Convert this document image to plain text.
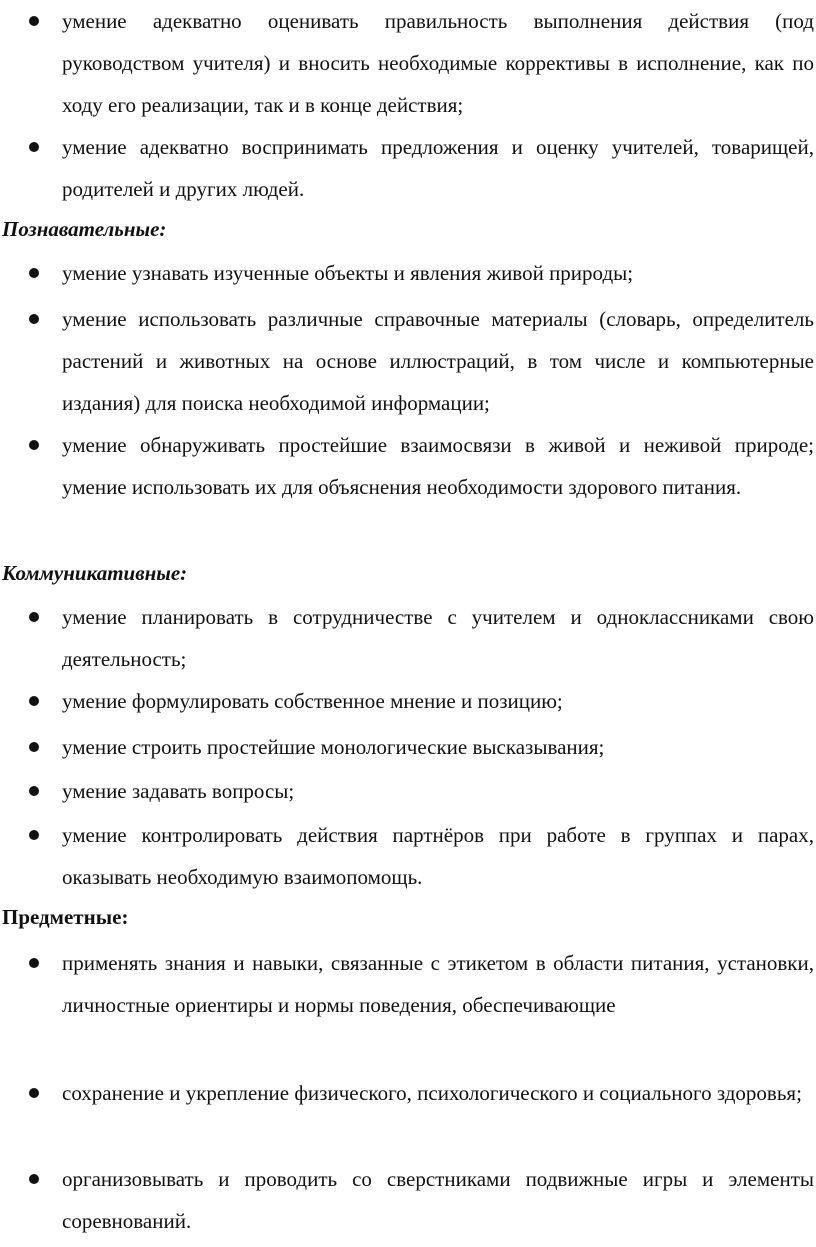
умение адекватно оценивать правильность выполнения действия (под руководством учителя) и вносить необходимые коррективы в исполнение, как по ходу его реализации, так и в конце действия;
умение адекватно воспринимать предложения и оценку учителей, товарищей, родителей и других людей.
Познавательные:
умение узнавать изученные объекты и явления живой природы;
умение использовать различные справочные материалы (словарь, определитель растений и животных на основе иллюстраций, в том числе и компьютерные издания) для поиска необходимой информации;
умение обнаруживать простейшие взаимосвязи в живой и неживой природе; умение использовать их для объяснения необходимости здорового питания.
Коммуникативные:
умение планировать в сотрудничестве с учителем и одноклассниками свою деятельность;
умение формулировать собственное мнение и позицию;
умение строить простейшие монологические высказывания;
умение задавать вопросы;
умение контролировать действия партнёров при работе в группах и парах, оказывать необходимую взаимопомощь.
Предметные:
применять знания и навыки, связанные с этикетом в области питания, установки, личностные ориентиры и нормы поведения, обеспечивающие
сохранение и укрепление физического, психологического и социального здоровья;
организовывать и проводить со сверстниками подвижные игры и элементы соревнований.
